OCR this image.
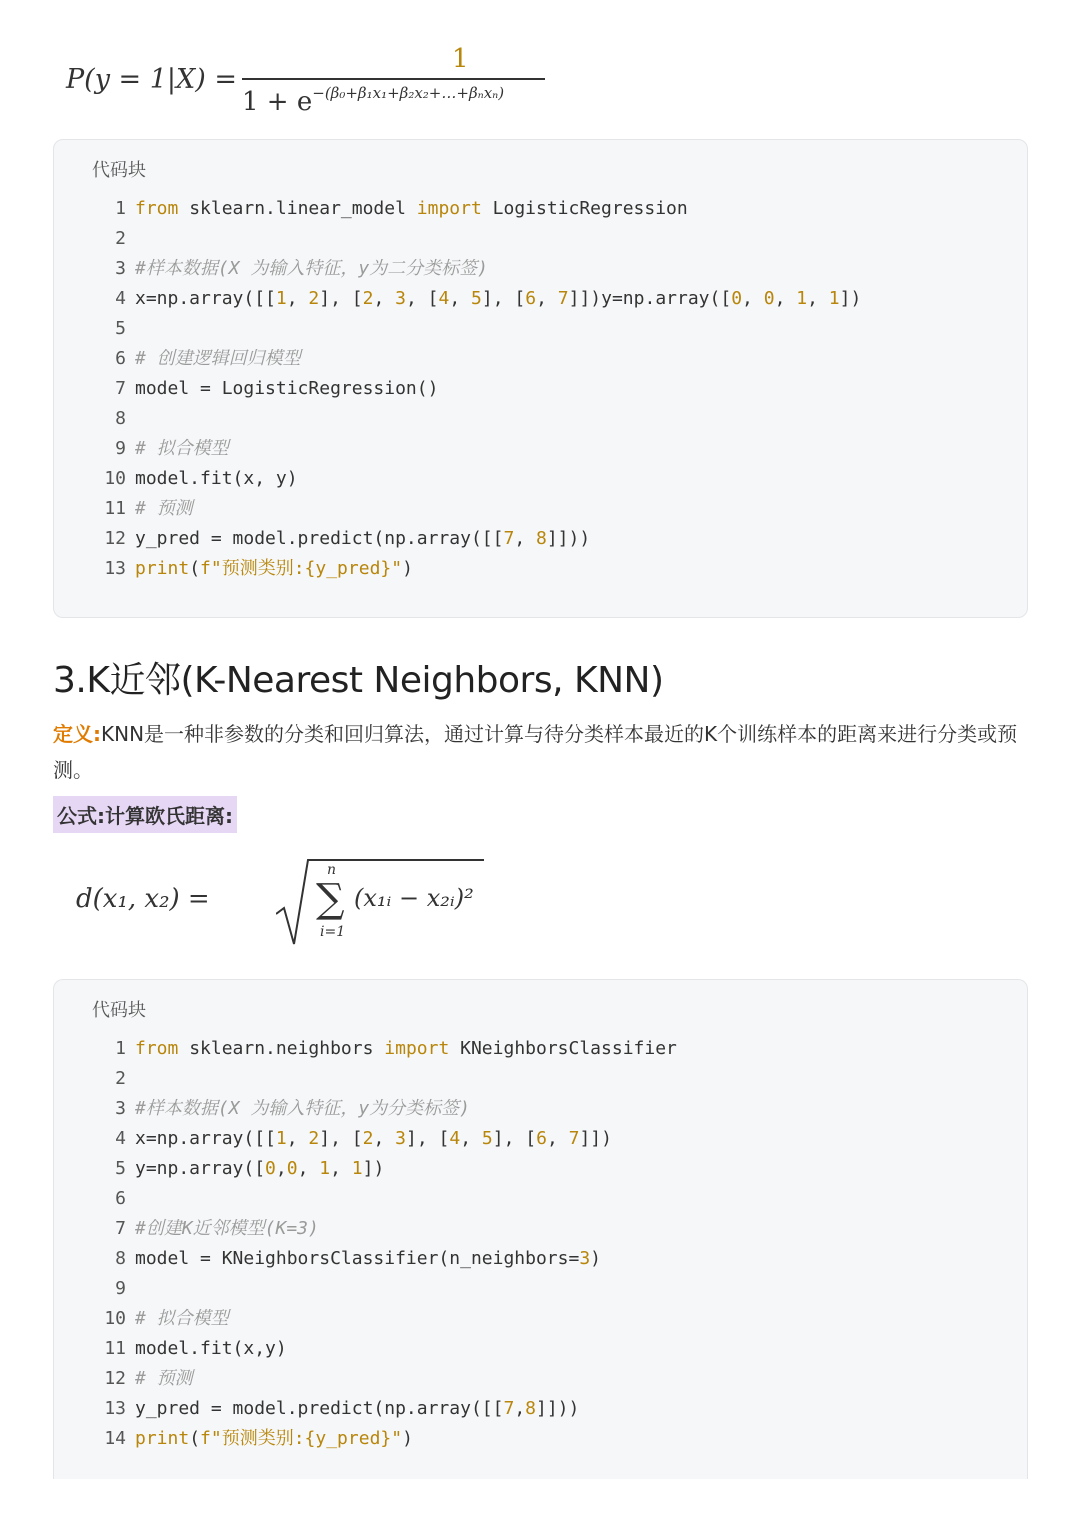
P(y = 1|X) =
1
$1 + e^{-(\beta_0+\beta_1x_1+\beta_2x_2+\dots+\beta_nx_n)}$
代码块
1 from sklearn.linear_model import LogisticRegression
2
3 #样本数据(X 为输入特征，y为二分类标签)
4 x=np.array([[1, 2], [2, 3, [4, 5], [6, 7]])y=np.array([0, 0, 1, 1])
5
6 # 创建逻辑回归模型
7 model = LogisticRegression()
8
9 # 拟合模型
10 model.fit(x, y)
11 # 预测
12 y_pred = model.predict(np.array([[7, 8]]))
13 print(f"预测类别:{y_pred}")
3.K近邻(K-Nearest Neighbors, KNN)
定义:KNN是一种非参数的分类和回归算法，通过计算与待分类样本最近的K个训练样本的距离来进行分类或预测。
公式:计算欧氏距离:
d(x₁, x₂) =
n
∑
i=1
(x₁ᵢ − x₂ᵢ)²
代码块
1 from sklearn.neighbors import KNeighborsClassifier
2
3 #样本数据(X 为输入特征，y为分类标签)
4 x=np.array([[1, 2], [2, 3], [4, 5], [6, 7]])
5 y=np.array([0,0, 1, 1])
6
7 #创建K近邻模型(K=3)
8 model = KNeighborsClassifier(n_neighbors=3)
9
10 # 拟合模型
11 model.fit(x,y)
12 # 预测
13 y_pred = model.predict(np.array([[7,8]]))
14 print(f"预测类别:{y_pred}")
